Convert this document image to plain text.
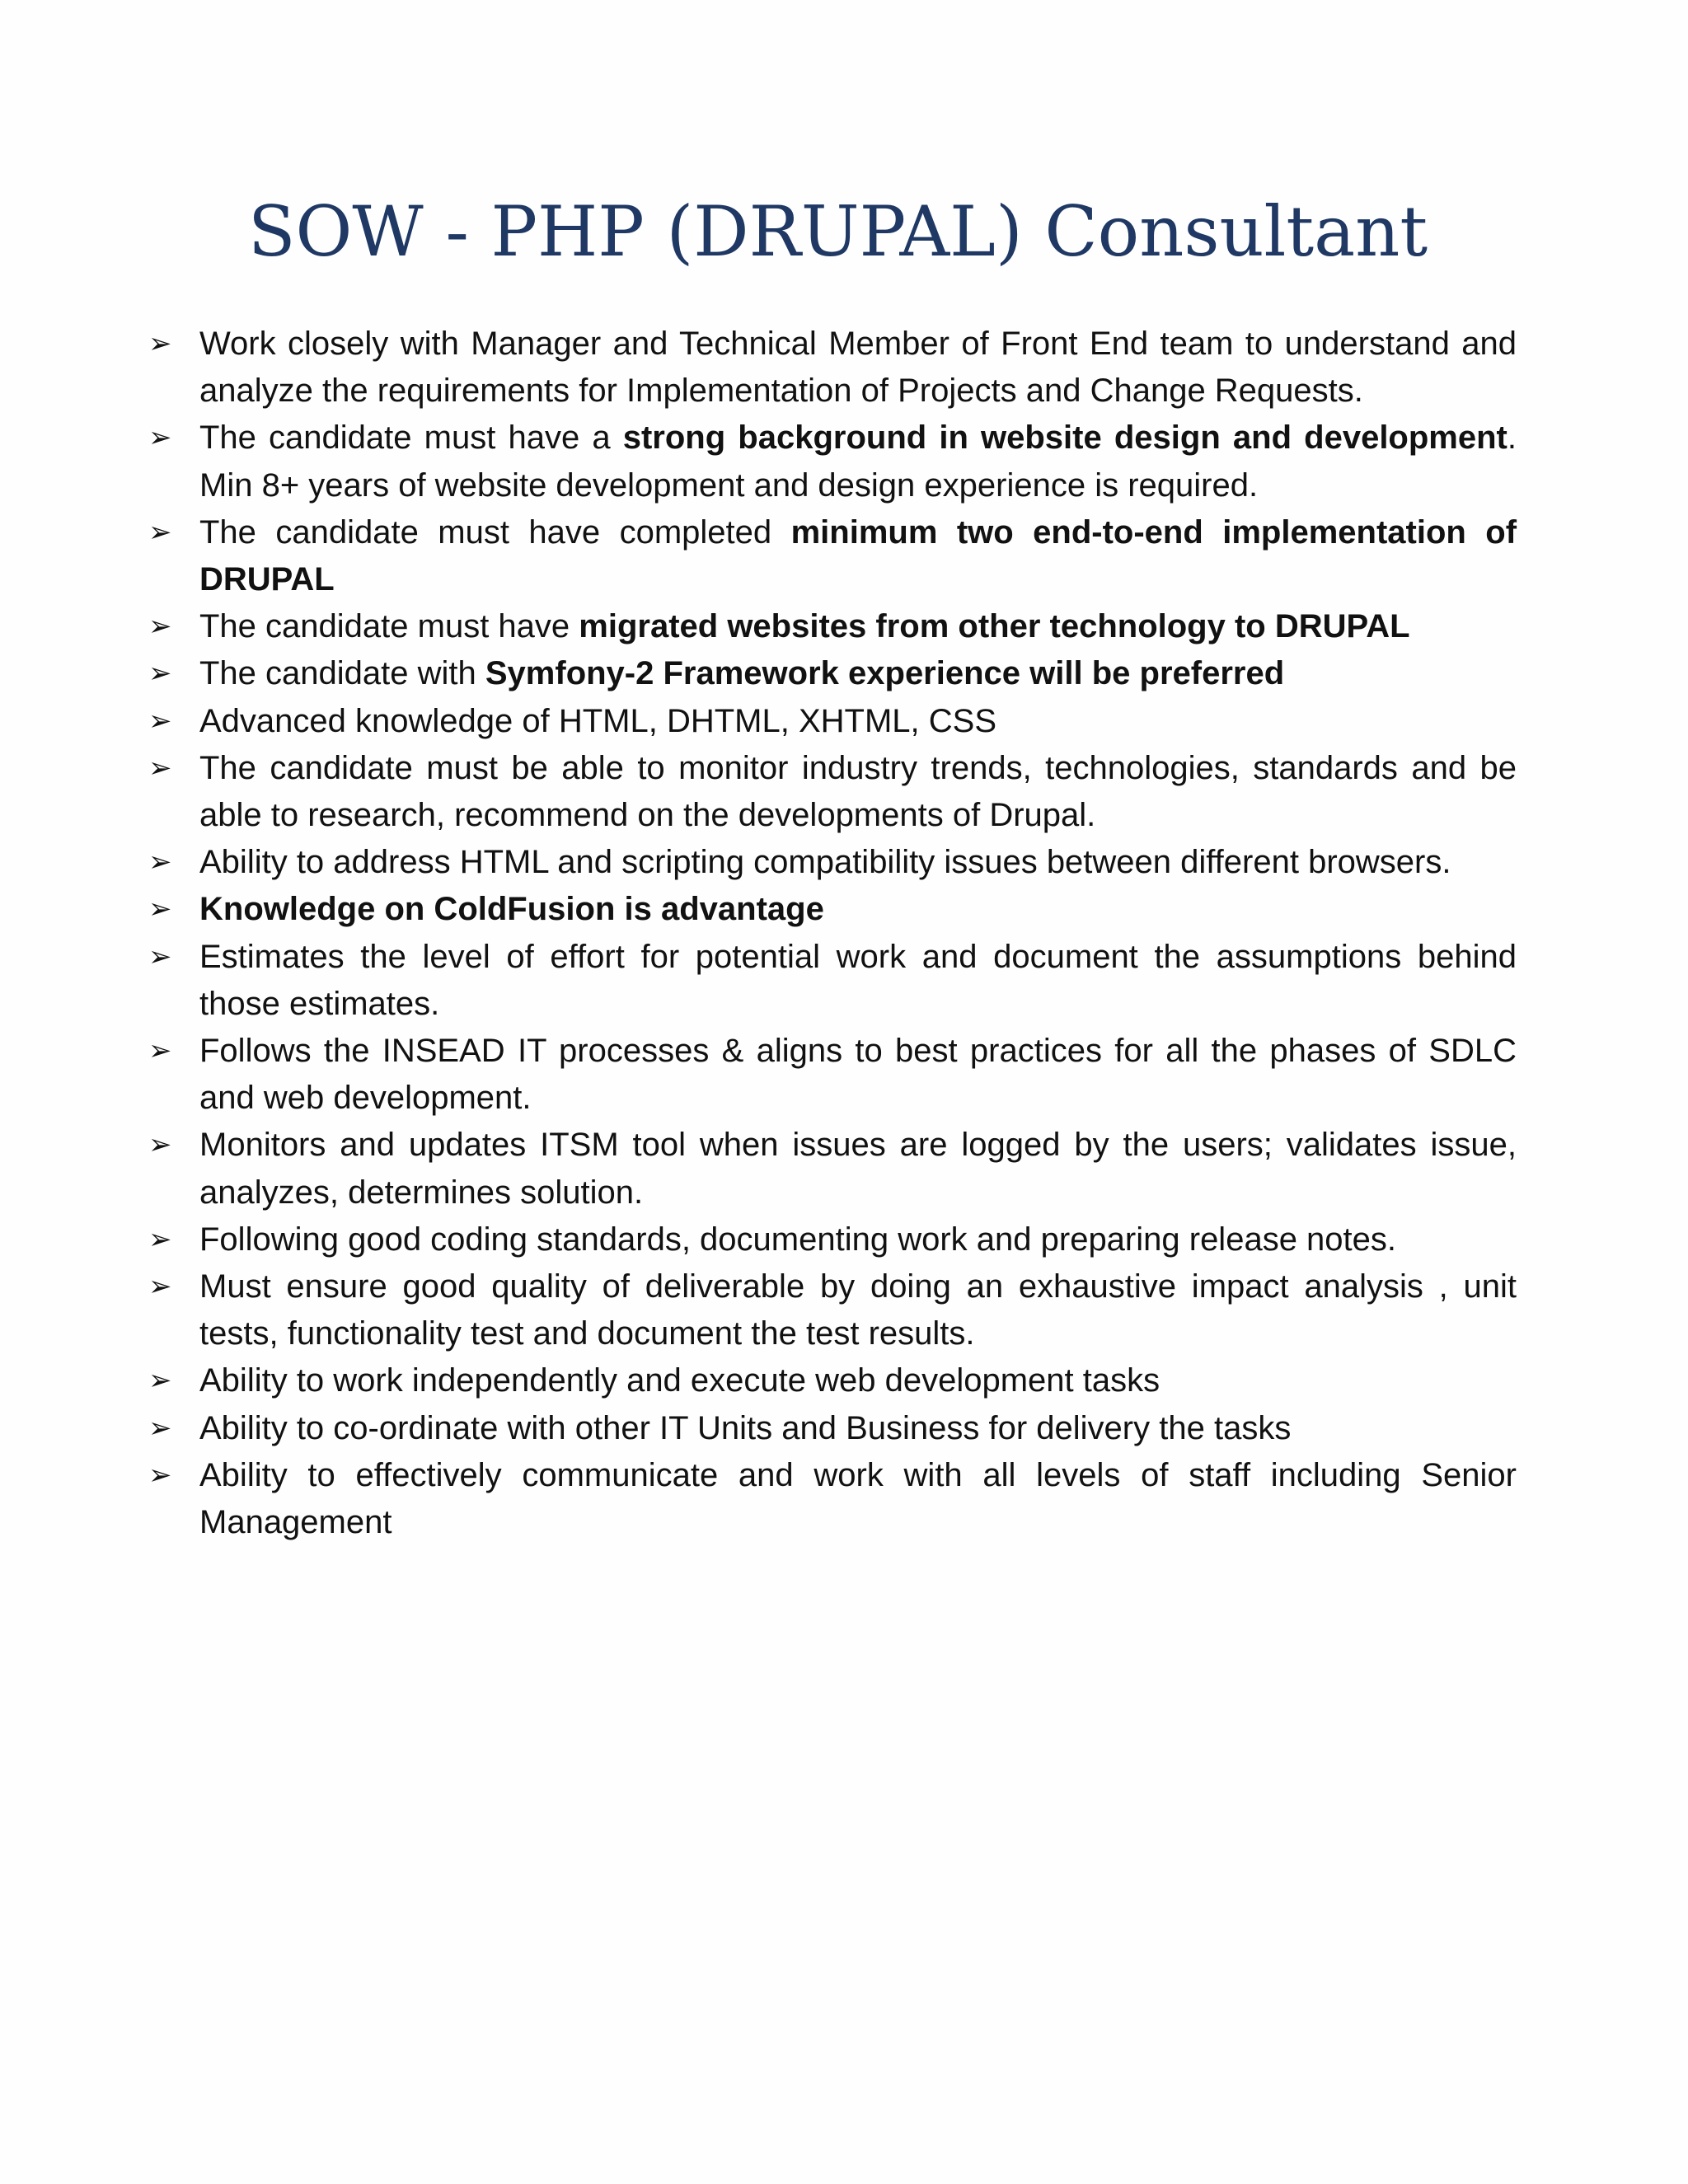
SOW - PHP (DRUPAL) Consultant
➢ Work closely with Manager and Technical Member of Front End team to understand and analyze the requirements for Implementation of Projects and Change Requests.
➢ The candidate must have a strong background in website design and development. Min 8+ years of website development and design experience is required.
➢ The candidate must have completed minimum two end-to-end implementation of DRUPAL
➢ The candidate must have migrated websites from other technology to DRUPAL
➢ The candidate with Symfony-2 Framework experience will be preferred
➢ Advanced knowledge of HTML, DHTML, XHTML, CSS
➢ The candidate must be able to monitor industry trends, technologies, standards and be able to research, recommend on the developments of Drupal.
➢ Ability to address HTML and scripting compatibility issues between different browsers.
➢ Knowledge on ColdFusion is advantage
➢ Estimates the level of effort for potential work and document the assumptions behind those estimates.
➢ Follows the INSEAD IT processes & aligns to best practices for all the phases of SDLC and web development.
➢ Monitors and updates ITSM tool when issues are logged by the users; validates issue, analyzes, determines solution.
➢ Following good coding standards, documenting work and preparing release notes.
➢ Must ensure good quality of deliverable by doing an exhaustive impact analysis , unit tests, functionality test and document the test results.
➢ Ability to work independently and execute web development tasks
➢ Ability to co-ordinate with other IT Units and Business for delivery the tasks
➢ Ability to effectively communicate and work with all levels of staff including Senior Management
